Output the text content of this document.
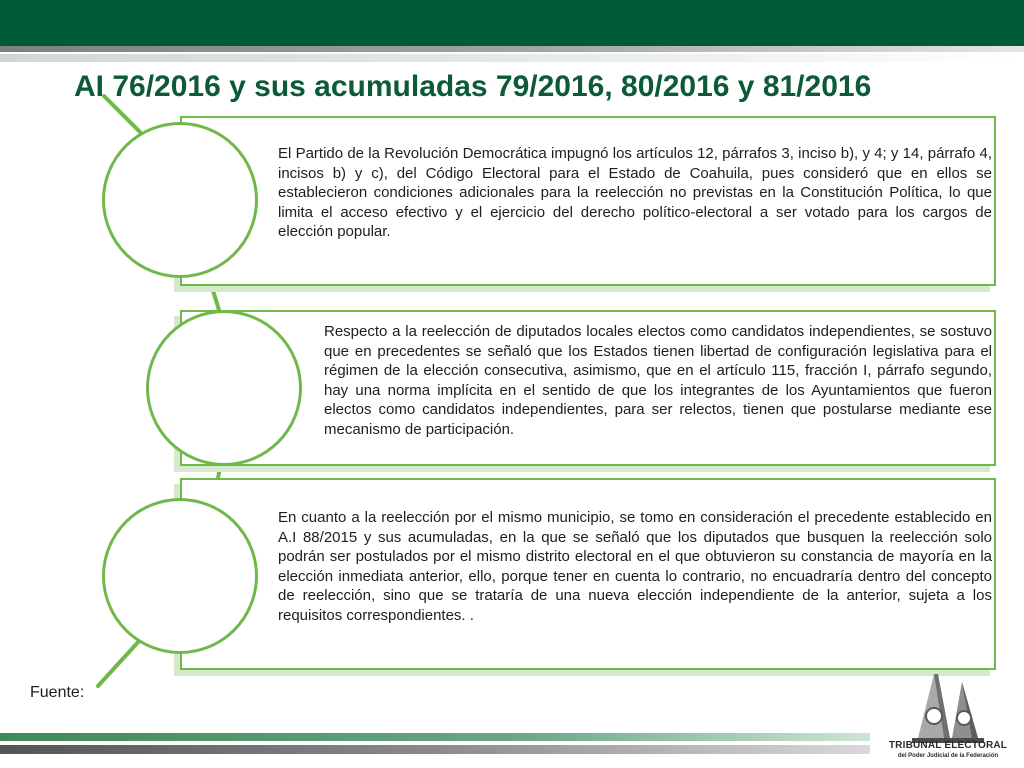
AI 76/2016 y sus acumuladas 79/2016, 80/2016 y 81/2016

El Partido de la Revolución Democrática impugnó los artículos 12, párrafos 3, inciso b), y 4; y 14, párrafo 4, incisos b) y c), del Código Electoral para el Estado de Coahuila, pues consideró que en ellos se establecieron condiciones adicionales para la reelección no previstas en la Constitución Política, lo que limita el acceso efectivo y el ejercicio del derecho político-electoral a ser votado para los cargos de elección popular.

Respecto a la reelección de diputados locales electos como candidatos independientes, se sostuvo que en precedentes se señaló que los Estados tienen libertad de configuración legislativa para el régimen de la elección consecutiva, asimismo, que en el artículo 115, fracción I, párrafo segundo, hay una norma implícita en el sentido de que los integrantes de los Ayuntamientos que fueron electos como candidatos independientes, para ser relectos, tienen que postularse mediante ese mecanismo de participación.

En cuanto a la reelección por el mismo municipio, se tomo en consideración el precedente establecido en A.I 88/2015 y sus acumuladas, en la que se señaló que los diputados que busquen la reelección solo podrán ser postulados por el mismo distrito electoral en el que obtuvieron su constancia de mayoría en la elección inmediata anterior, ello, porque tener en cuenta lo contrario, no encuadraría dentro del concepto de reelección, sino que se trataría de una nueva elección independiente de la anterior, sujeta a los requisitos correspondientes. .

Fuente:
TRIBUNAL ELECTORAL
del Poder Judicial de la Federación
